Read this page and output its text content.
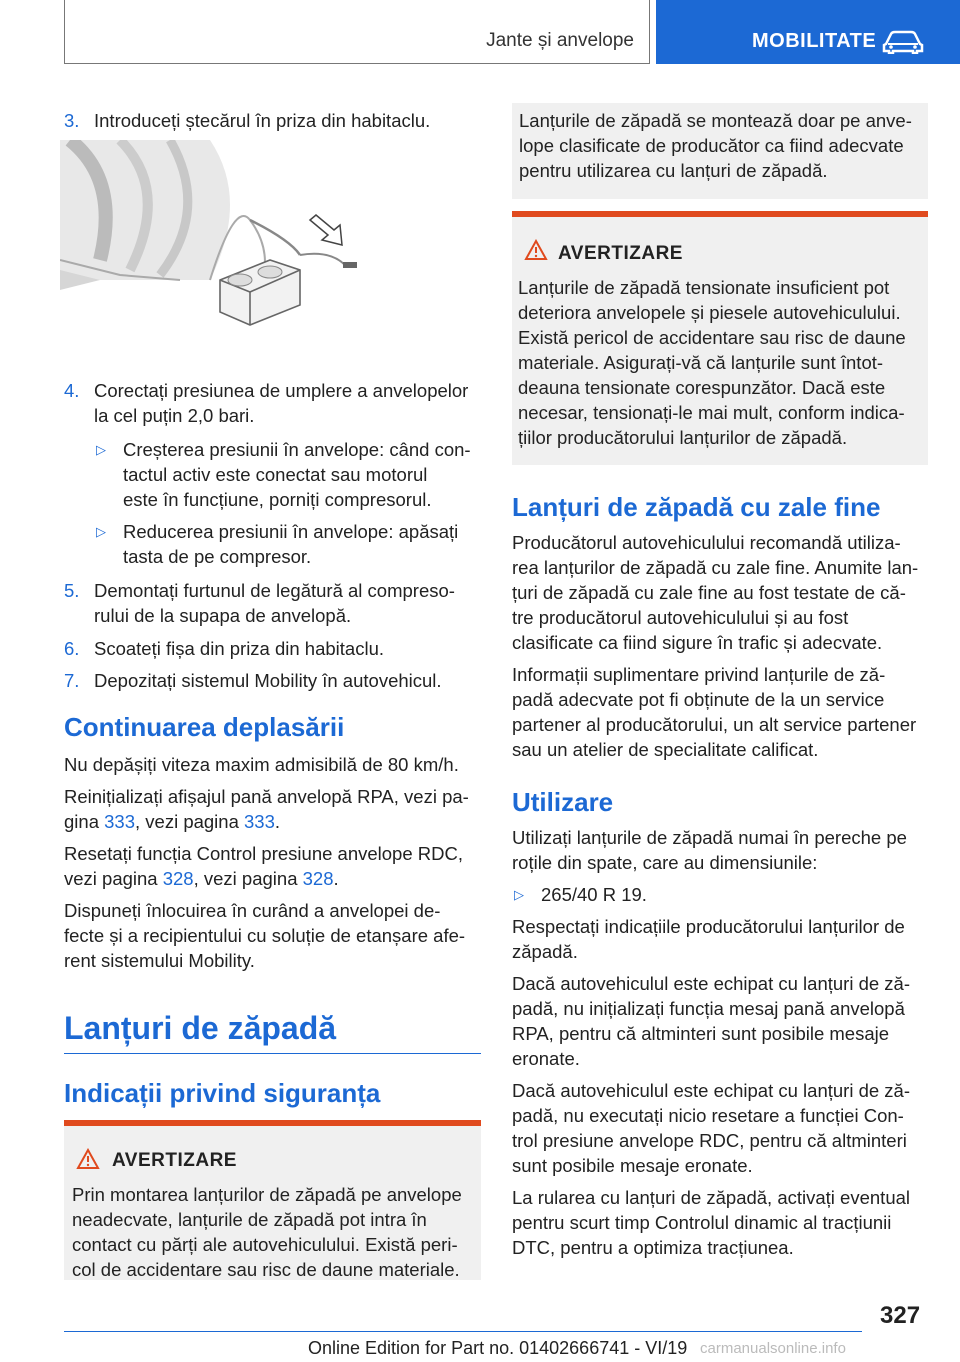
Jante și anvelope	MOBILITATE
3. Introduceți ștecărul în priza din habitaclu.
4. Corectați presiunea de umplere a anvelopelor
la cel puțin 2,0 bari.
▷ Creșterea presiunii în anvelope: când con‐
tactul activ este conectat sau motorul
este în funcțiune, porniți compresorul.
▷ Reducerea presiunii în anvelope: apăsați
tasta de pe compresor.
5. Demontați furtunul de legătură al compreso‐
rului de la supapa de anvelopă.
6. Scoateți fișa din priza din habitaclu.
7. Depozitați sistemul Mobility în autovehicul.
Continuarea deplasării
Nu depășiți viteza maxim admisibilă de 80 km/h.
Reinițializați afișajul pană anvelopă RPA, vezi pa‐
gina 333, vezi pagina 333.
Resetați funcția Control presiune anvelope RDC,
vezi pagina 328, vezi pagina 328.
Dispuneți înlocuirea în curând a anvelopei de‐
fecte și a recipientului cu soluție de etanșare afe‐
rent sistemului Mobility.
Lanțuri de zăpadă
Indicații privind siguranța
AVERTIZARE
Prin montarea lanțurilor de zăpadă pe anvelope
neadecvate, lanțurile de zăpadă pot intra în
contact cu părți ale autovehiculului. Există peri‐
col de accidentare sau risc de daune materiale.
Lanțurile de zăpadă se montează doar pe anve‐
lope clasificate de producător ca fiind adecvate
pentru utilizarea cu lanțuri de zăpadă.
AVERTIZARE
Lanțurile de zăpadă tensionate insuficient pot
deteriora anvelopele și piesele autovehiculului.
Există pericol de accidentare sau risc de daune
materiale. Asigurați-vă că lanțurile sunt întot‐
deauna tensionate corespunzător. Dacă este
necesar, tensionați-le mai mult, conform indica‐
țiilor producătorului lanțurilor de zăpadă.
Lanțuri de zăpadă cu zale fine
Producătorul autovehiculului recomandă utiliza‐
rea lanțurilor de zăpadă cu zale fine. Anumite lan‐
țuri de zăpadă cu zale fine au fost testate de că‐
tre producătorul autovehiculului și au fost
clasificate ca fiind sigure în trafic și adecvate.
Informații suplimentare privind lanțurile de ză‐
padă adecvate pot fi obținute de la un service
partener al producătorului, un alt service partener
sau un atelier de specialitate calificat.
Utilizare
Utilizați lanțurile de zăpadă numai în pereche pe
roțile din spate, care au dimensiunile:
▷ 265/40 R 19.
Respectați indicațiile producătorului lanțurilor de
zăpadă.
Dacă autovehiculul este echipat cu lanțuri de ză‐
padă, nu inițializați funcția mesaj pană anvelopă
RPA, pentru că altminteri sunt posibile mesaje
eronate.
Dacă autovehiculul este echipat cu lanțuri de ză‐
padă, nu executați nicio resetare a funcției Con‐
trol presiune anvelope RDC, pentru că altminteri
sunt posibile mesaje eronate.
La rularea cu lanțuri de zăpadă, activați eventual
pentru scurt timp Controlul dinamic al tracțiunii
DTC, pentru a optimiza tracțiunea.
327
Online Edition for Part no. 01402666741 - VI/19 carmanualsonline.info
